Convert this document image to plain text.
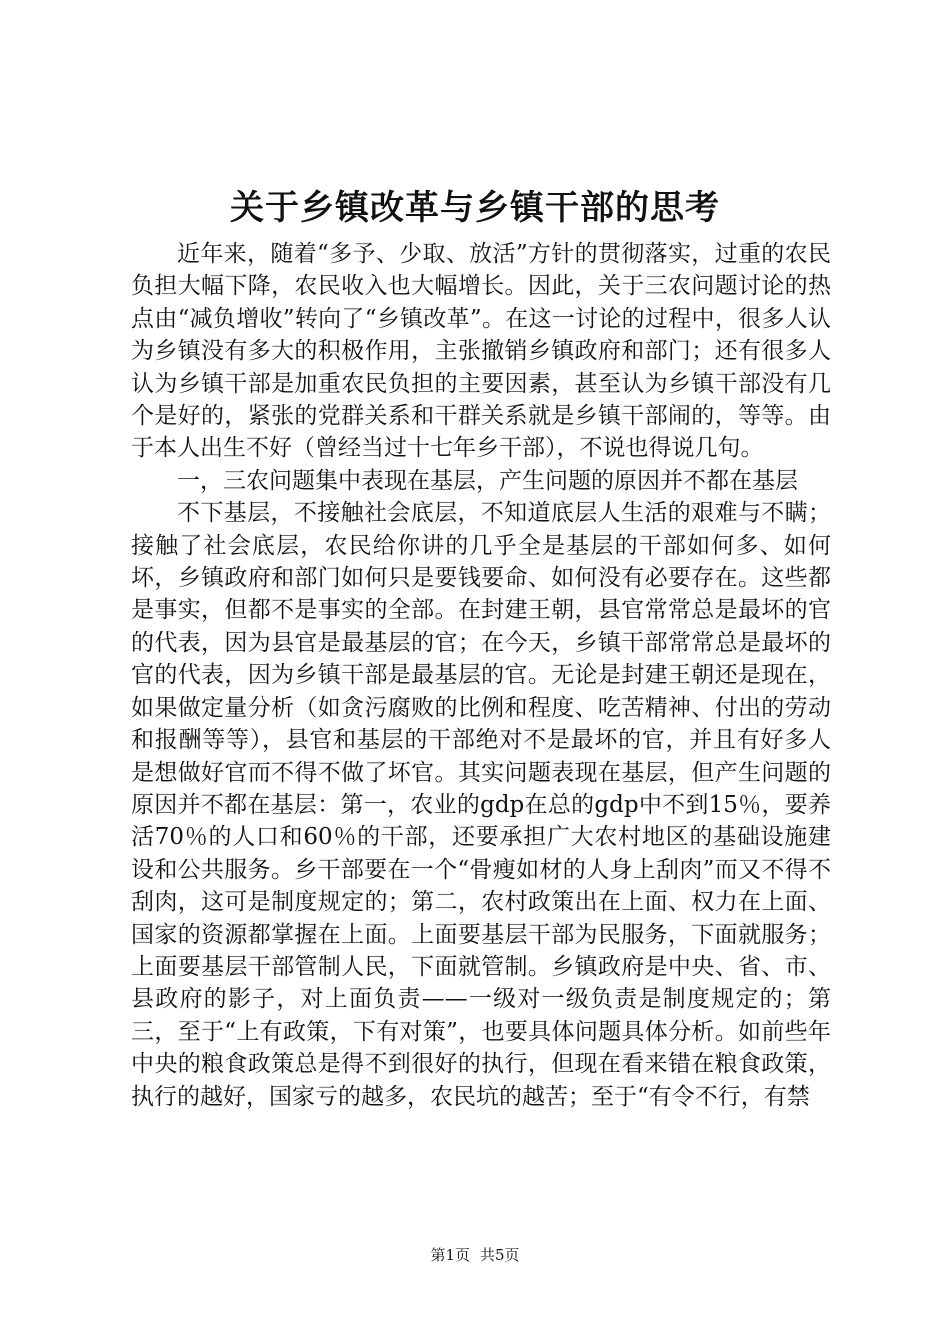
关于乡镇改革与乡镇干部的思考

近年来，随着“多予、少取、放活”方针的贯彻落实，过重的农民负担大幅下降，农民收入也大幅增长。因此，关于三农问题讨论的热点由“减负增收”转向了“乡镇改革”。在这一讨论的过程中，很多人认为乡镇没有多大的积极作用，主张撤销乡镇政府和部门；还有很多人认为乡镇干部是加重农民负担的主要因素，甚至认为乡镇干部没有几个是好的，紧张的党群关系和干群关系就是乡镇干部闹的，等等。由于本人出生不好（曾经当过十七年乡干部），不说也得说几句。

一，三农问题集中表现在基层，产生问题的原因并不都在基层

不下基层，不接触社会底层，不知道底层人生活的艰难与不瞒；接触了社会底层，农民给你讲的几乎全是基层的干部如何多、如何坏，乡镇政府和部门如何只是要钱要命、如何没有必要存在。这些都是事实，但都不是事实的全部。在封建王朝，县官常常总是最坏的官的代表，因为县官是最基层的官；在今天，乡镇干部常常总是最坏的官的代表，因为乡镇干部是最基层的官。无论是封建王朝还是现在，如果做定量分析（如贪污腐败的比例和程度、吃苦精神、付出的劳动和报酬等等），县官和基层的干部绝对不是最坏的官，并且有好多人是想做好官而不得不做了坏官。其实问题表现在基层，但产生问题的原因并不都在基层：第一，农业的gdp在总的gdp中不到15％，要养活70％的人口和60％的干部，还要承担广大农村地区的基础设施建设和公共服务。乡干部要在一个“骨瘦如材的人身上刮肉”而又不得不刮肉，这可是制度规定的；第二，农村政策出在上面、权力在上面、国家的资源都掌握在上面。上面要基层干部为民服务，下面就服务；上面要基层干部管制人民，下面就管制。乡镇政府是中央、省、市、县政府的影子，对上面负责——一级对一级负责是制度规定的；第三，至于“上有政策，下有对策”，也要具体问题具体分析。如前些年中央的粮食政策总是得不到很好的执行，但现在看来错在粮食政策，执行的越好，国家亏的越多，农民坑的越苦；至于“有令不行，有禁

第1页 共5页
